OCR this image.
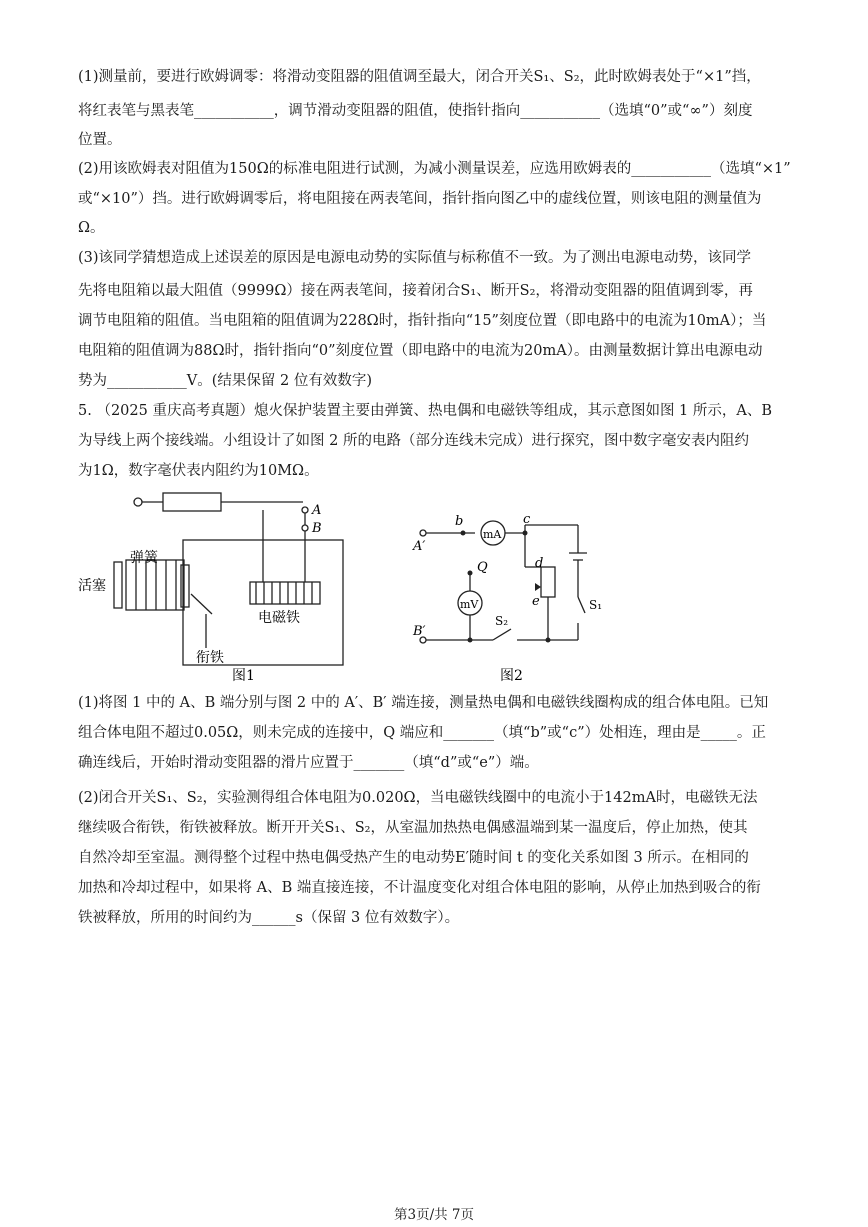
(1)测量前，要进行欧姆调零：将滑动变阻器的阻值调至最大，闭合开关S₁、S₂，此时欧姆表处于“×1”挡，
将红表笔与黑表笔___________，调节滑动变阻器的阻值，使指针指向___________（选填“0”或“∞”）刻度
位置。
(2)用该欧姆表对阻值为150Ω的标准电阻进行试测，为减小测量误差，应选用欧姆表的___________（选填“×1”
或“×10”）挡。进行欧姆调零后，将电阻接在两表笔间，指针指向图乙中的虚线位置，则该电阻的测量值为
Ω。
(3)该同学猜想造成上述误差的原因是电源电动势的实际值与标称值不一致。为了测出电源电动势，该同学
先将电阻箱以最大阻值（9999Ω）接在两表笔间，接着闭合S₁、断开S₂，将滑动变阻器的阻值调到零，再
调节电阻箱的阻值。当电阻箱的阻值调为228Ω时，指针指向“15”刻度位置（即电路中的电流为10mA）；当
电阻箱的阻值调为88Ω时，指针指向“0”刻度位置（即电路中的电流为20mA）。由测量数据计算出电源电动
势为___________V。(结果保留 2 位有效数字)
5. （2025 重庆高考真题）熄火保护装置主要由弹簧、热电偶和电磁铁等组成，其示意图如图 1 所示，A、B
为导线上两个接线端。小组设计了如图 2 所的电路（部分连线未完成）进行探究，图中数字毫安表内阻约
为1Ω，数字毫伏表内阻约为10MΩ。
弹簧
活塞
衔铁
电磁铁
A
B
图1
A′
B′
b	c
d
e
Q
mA
mV	S₁
S₂
图2
(1)将图 1 中的 A、B 端分别与图 2 中的 A′、B′ 端连接，测量热电偶和电磁铁线圈构成的组合体电阻。已知
组合体电阻不超过0.05Ω，则未完成的连接中，Q 端应和_______（填“b”或“c”）处相连，理由是_____。正
确连线后，开始时滑动变阻器的滑片应置于_______（填“d”或“e”）端。
(2)闭合开关S₁、S₂，实验测得组合体电阻为0.020Ω，当电磁铁线圈中的电流小于142mA时，电磁铁无法
继续吸合衔铁，衔铁被释放。断开开关S₁、S₂，从室温加热热电偶感温端到某一温度后，停止加热，使其
自然冷却至室温。测得整个过程中热电偶受热产生的电动势E′随时间 t 的变化关系如图 3 所示。在相同的
加热和冷却过程中，如果将 A、B 端直接连接，不计温度变化对组合体电阻的影响，从停止加热到吸合的衔
铁被释放，所用的时间约为______s（保留 3 位有效数字）。
第3页/共 7页
